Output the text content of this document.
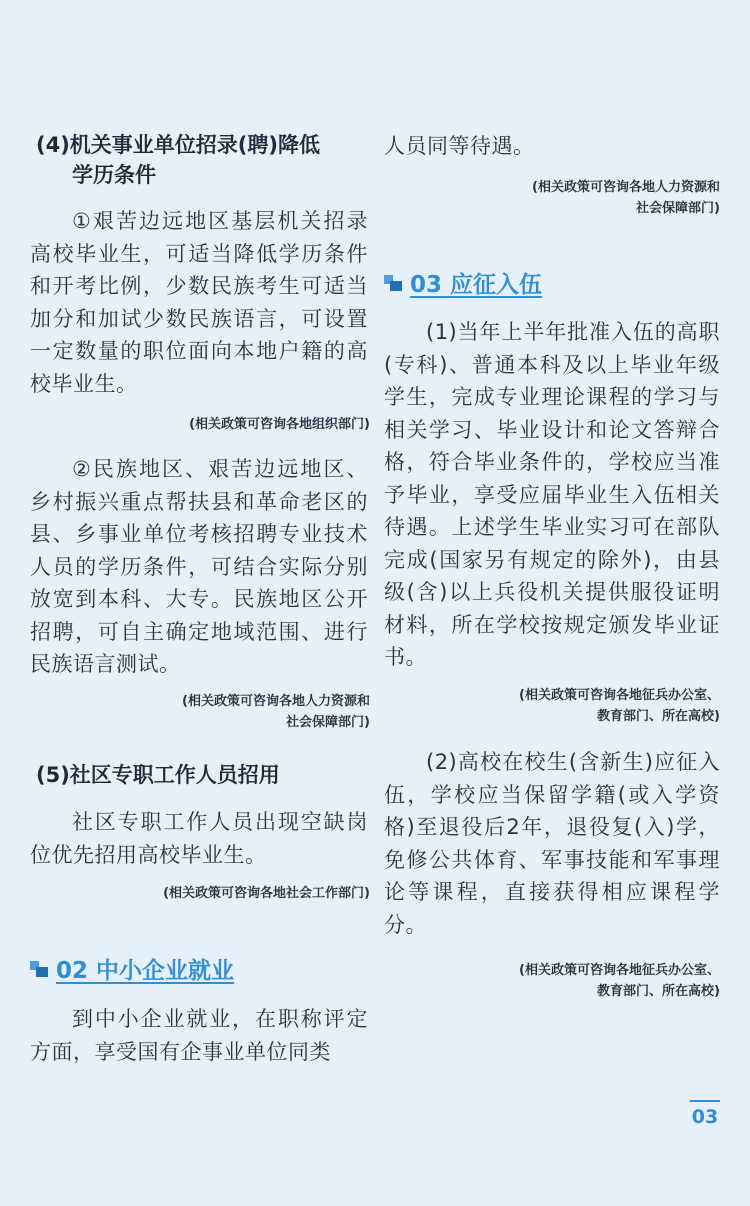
(4)机关事业单位招录(聘)降低
学历条件

①艰苦边远地区基层机关招录高校毕业生，可适当降低学历条件和开考比例，少数民族考生可适当加分和加试少数民族语言，可设置一定数量的职位面向本地户籍的高校毕业生。

(相关政策可咨询各地组织部门)

②民族地区、艰苦边远地区、乡村振兴重点帮扶县和革命老区的县、乡事业单位考核招聘专业技术人员的学历条件，可结合实际分别放宽到本科、大专。民族地区公开招聘，可自主确定地域范围、进行民族语言测试。

(相关政策可咨询各地人力资源和
社会保障部门)
(5)社区专职工作人员招用

社区专职工作人员出现空缺岗位优先招用高校毕业生。

(相关政策可咨询各地社会工作部门)
02 中小企业就业

到中小企业就业，在职称评定方面，享受国有企事业单位同类

人员同等待遇。

(相关政策可咨询各地人力资源和
社会保障部门)
03 应征入伍

(1)当年上半年批准入伍的高职(专科)、普通本科及以上毕业年级学生，完成专业理论课程的学习与相关学习、毕业设计和论文答辩合格，符合毕业条件的，学校应当准予毕业，享受应届毕业生入伍相关待遇。上述学生毕业实习可在部队完成(国家另有规定的除外)，由县级(含)以上兵役机关提供服役证明材料，所在学校按规定颁发毕业证书。

(相关政策可咨询各地征兵办公室、
教育部门、所在高校)

(2)高校在校生(含新生)应征入伍，学校应当保留学籍(或入学资格)至退役后2年，退役复(入)学，免修公共体育、军事技能和军事理论等课程，直接获得相应课程学分。

(相关政策可咨询各地征兵办公室、
教育部门、所在高校)
03
